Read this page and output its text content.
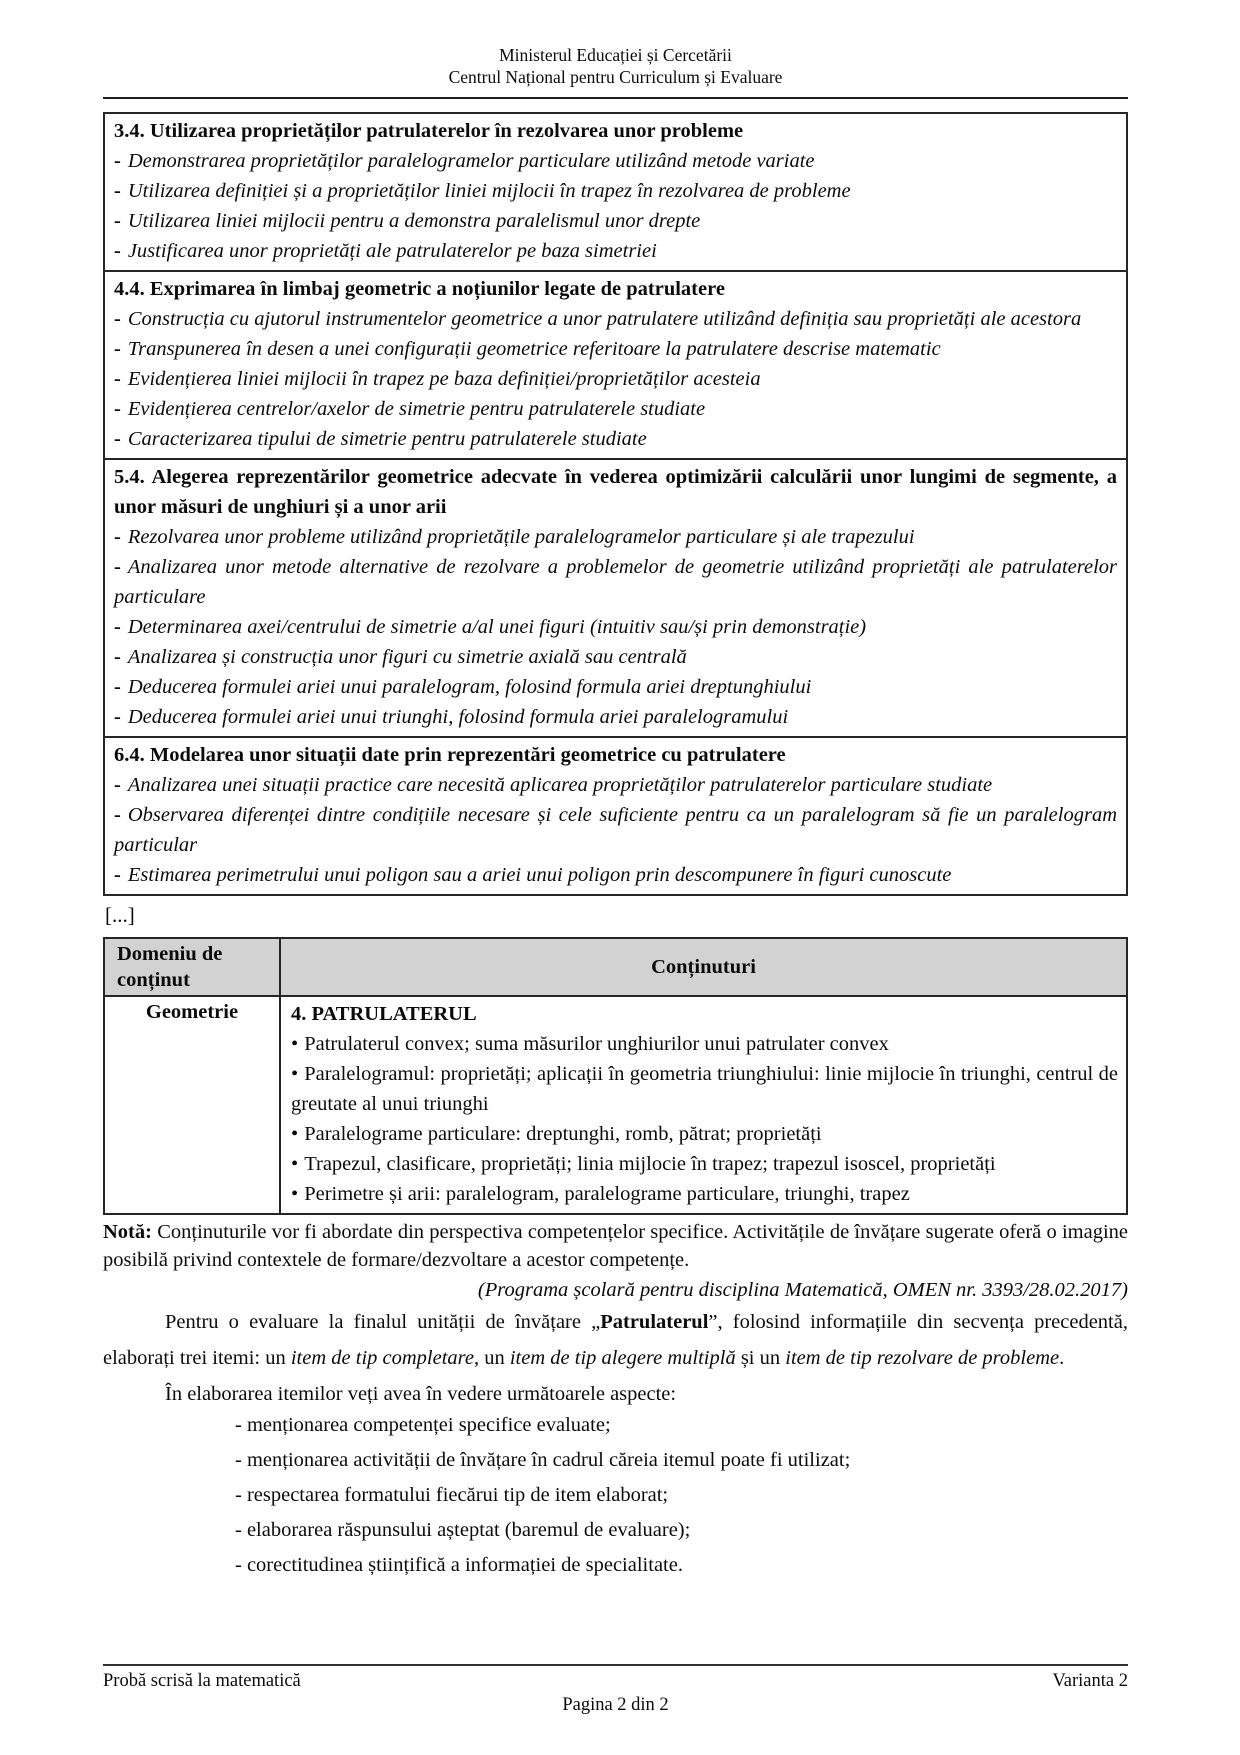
Ministerul Educației și Cercetării
Centrul Național pentru Curriculum și Evaluare

3.4. Utilizarea proprietăților patrulaterelor în rezolvarea unor probleme

- Demonstrarea proprietăților paralelogramelor particulare utilizând metode variate

- Utilizarea definiției și a proprietăților liniei mijlocii în trapez în rezolvarea de probleme

- Utilizarea liniei mijlocii pentru a demonstra paralelismul unor drepte

- Justificarea unor proprietăți ale patrulaterelor pe baza simetriei

4.4. Exprimarea în limbaj geometric a noțiunilor legate de patrulatere

- Construcția cu ajutorul instrumentelor geometrice a unor patrulatere utilizând definiția sau proprietăți ale acestora

- Transpunerea în desen a unei configurații geometrice referitoare la patrulatere descrise matematic

- Evidențierea liniei mijlocii în trapez pe baza definiției/proprietăților acesteia

- Evidențierea centrelor/axelor de simetrie pentru patrulaterele studiate

- Caracterizarea tipului de simetrie pentru patrulaterele studiate

5.4. Alegerea reprezentărilor geometrice adecvate în vederea optimizării calculării unor lungimi de segmente, a unor măsuri de unghiuri și a unor arii

- Rezolvarea unor probleme utilizând proprietățile paralelogramelor particulare și ale trapezului

- Analizarea unor metode alternative de rezolvare a problemelor de geometrie utilizând proprietăți ale patrulaterelor particulare

- Determinarea axei/centrului de simetrie a/al unei figuri (intuitiv sau/și prin demonstrație)

- Analizarea și construcția unor figuri cu simetrie axială sau centrală

- Deducerea formulei ariei unui paralelogram, folosind formula ariei dreptunghiului

- Deducerea formulei ariei unui triunghi, folosind formula ariei paralelogramului

6.4. Modelarea unor situații date prin reprezentări geometrice cu patrulatere

- Analizarea unei situații practice care necesită aplicarea proprietăților patrulaterelor particulare studiate

- Observarea diferenței dintre condițiile necesare și cele suficiente pentru ca un paralelogram să fie un paralelogram particular

- Estimarea perimetrului unui poligon sau a ariei unui poligon prin descompunere în figuri cunoscute

[...]

Domeniu de conținut	Conținuturi
Geometrie	4. PATRULATERUL

• Patrulaterul convex; suma măsurilor unghiurilor unui patrulater convex

• Paralelogramul: proprietăți; aplicații în geometria triunghiului: linie mijlocie în triunghi, centrul de greutate al unui triunghi

• Paralelograme particulare: dreptunghi, romb, pătrat; proprietăți

• Trapezul, clasificare, proprietăți; linia mijlocie în trapez; trapezul isoscel, proprietăți

• Perimetre și arii: paralelogram, paralelograme particulare, triunghi, trapez

Notă: Conținuturile vor fi abordate din perspectiva competențelor specifice. Activitățile de învățare sugerate oferă o imagine posibilă privind contextele de formare/dezvoltare a acestor competențe.

(Programa școlară pentru disciplina Matematică, OMEN nr. 3393/28.02.2017)

Pentru o evaluare la finalul unității de învățare „Patrulaterul”, folosind informațiile din secvența precedentă, elaborați trei itemi: un item de tip completare, un item de tip alegere multiplă și un item de tip rezolvare de probleme.

În elaborarea itemilor veți avea în vedere următoarele aspecte:

- menționarea competenței specifice evaluate;

- menționarea activității de învățare în cadrul căreia itemul poate fi utilizat;

- respectarea formatului fiecărui tip de item elaborat;

- elaborarea răspunsului așteptat (baremul de evaluare);

- corectitudinea științifică a informației de specialitate.

Probă scrisă la matematică	Varianta 2
Pagina 2 din 2
